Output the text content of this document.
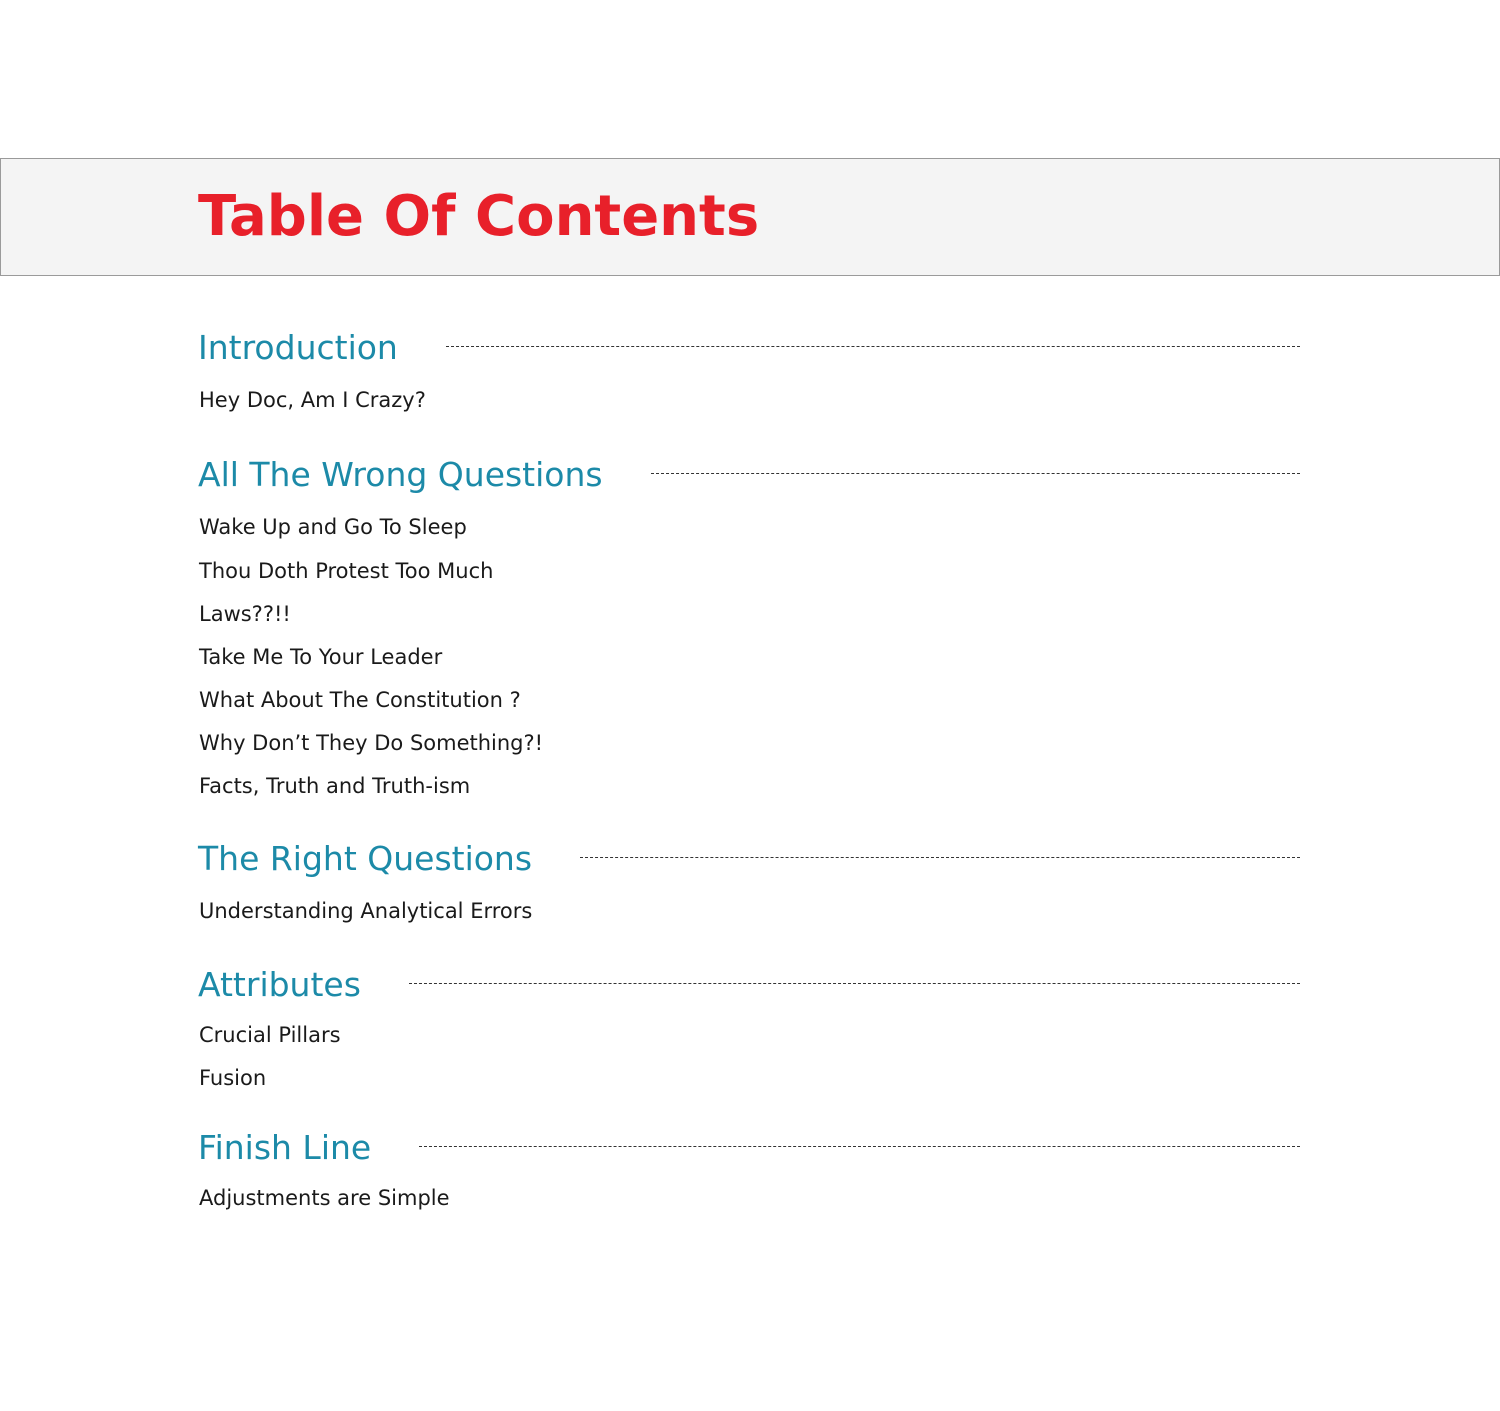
Table Of Contents
Introduction
Hey Doc, Am I Crazy?
All The Wrong Questions
Wake Up and Go To Sleep
Thou Doth Protest Too Much
Laws??!!
Take Me To Your Leader
What About The Constitution ?
Why Don’t They Do Something?!
Facts, Truth and Truth-ism
The Right Questions
Understanding Analytical Errors
Attributes
Crucial Pillars
Fusion
Finish Line
Adjustments are Simple
